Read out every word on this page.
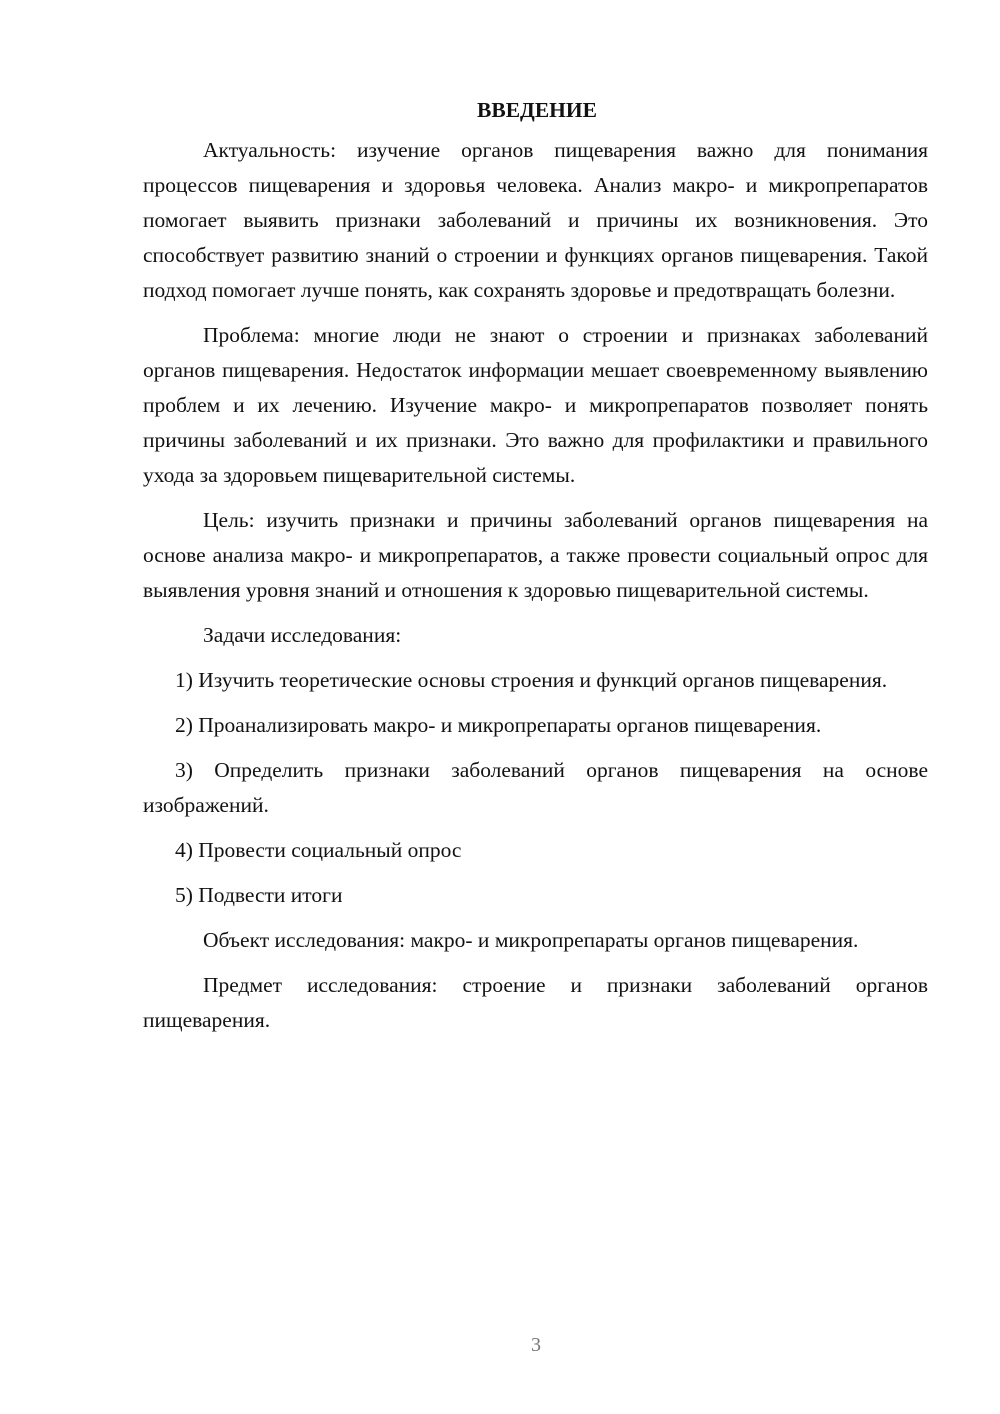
ВВЕДЕНИЕ

Актуальность: изучение органов пищеварения важно для понимания процессов пищеварения и здоровья человека. Анализ макро- и микропрепаратов помогает выявить признаки заболеваний и причины их возникновения. Это способствует развитию знаний о строении и функциях органов пищеварения. Такой подход помогает лучше понять, как сохранять здоровье и предотвращать болезни.

Проблема: многие люди не знают о строении и признаках заболеваний органов пищеварения. Недостаток информации мешает своевременному выявлению проблем и их лечению. Изучение макро- и микропрепаратов позволяет понять причины заболеваний и их признаки. Это важно для профилактики и правильного ухода за здоровьем пищеварительной системы.

Цель: изучить признаки и причины заболеваний органов пищеварения на основе анализа макро- и микропрепаратов, а также провести социальный опрос для выявления уровня знаний и отношения к здоровью пищеварительной системы.

Задачи исследования:

1) Изучить теоретические основы строения и функций органов пищеварения.

2) Проанализировать макро- и микропрепараты органов пищеварения.

3) Определить признаки заболеваний органов пищеварения на основе изображений.

4) Провести социальный опрос

5) Подвести итоги

Объект исследования: макро- и микропрепараты органов пищеварения.

Предмет исследования: строение и признаки заболеваний органов пищеварения.

3
